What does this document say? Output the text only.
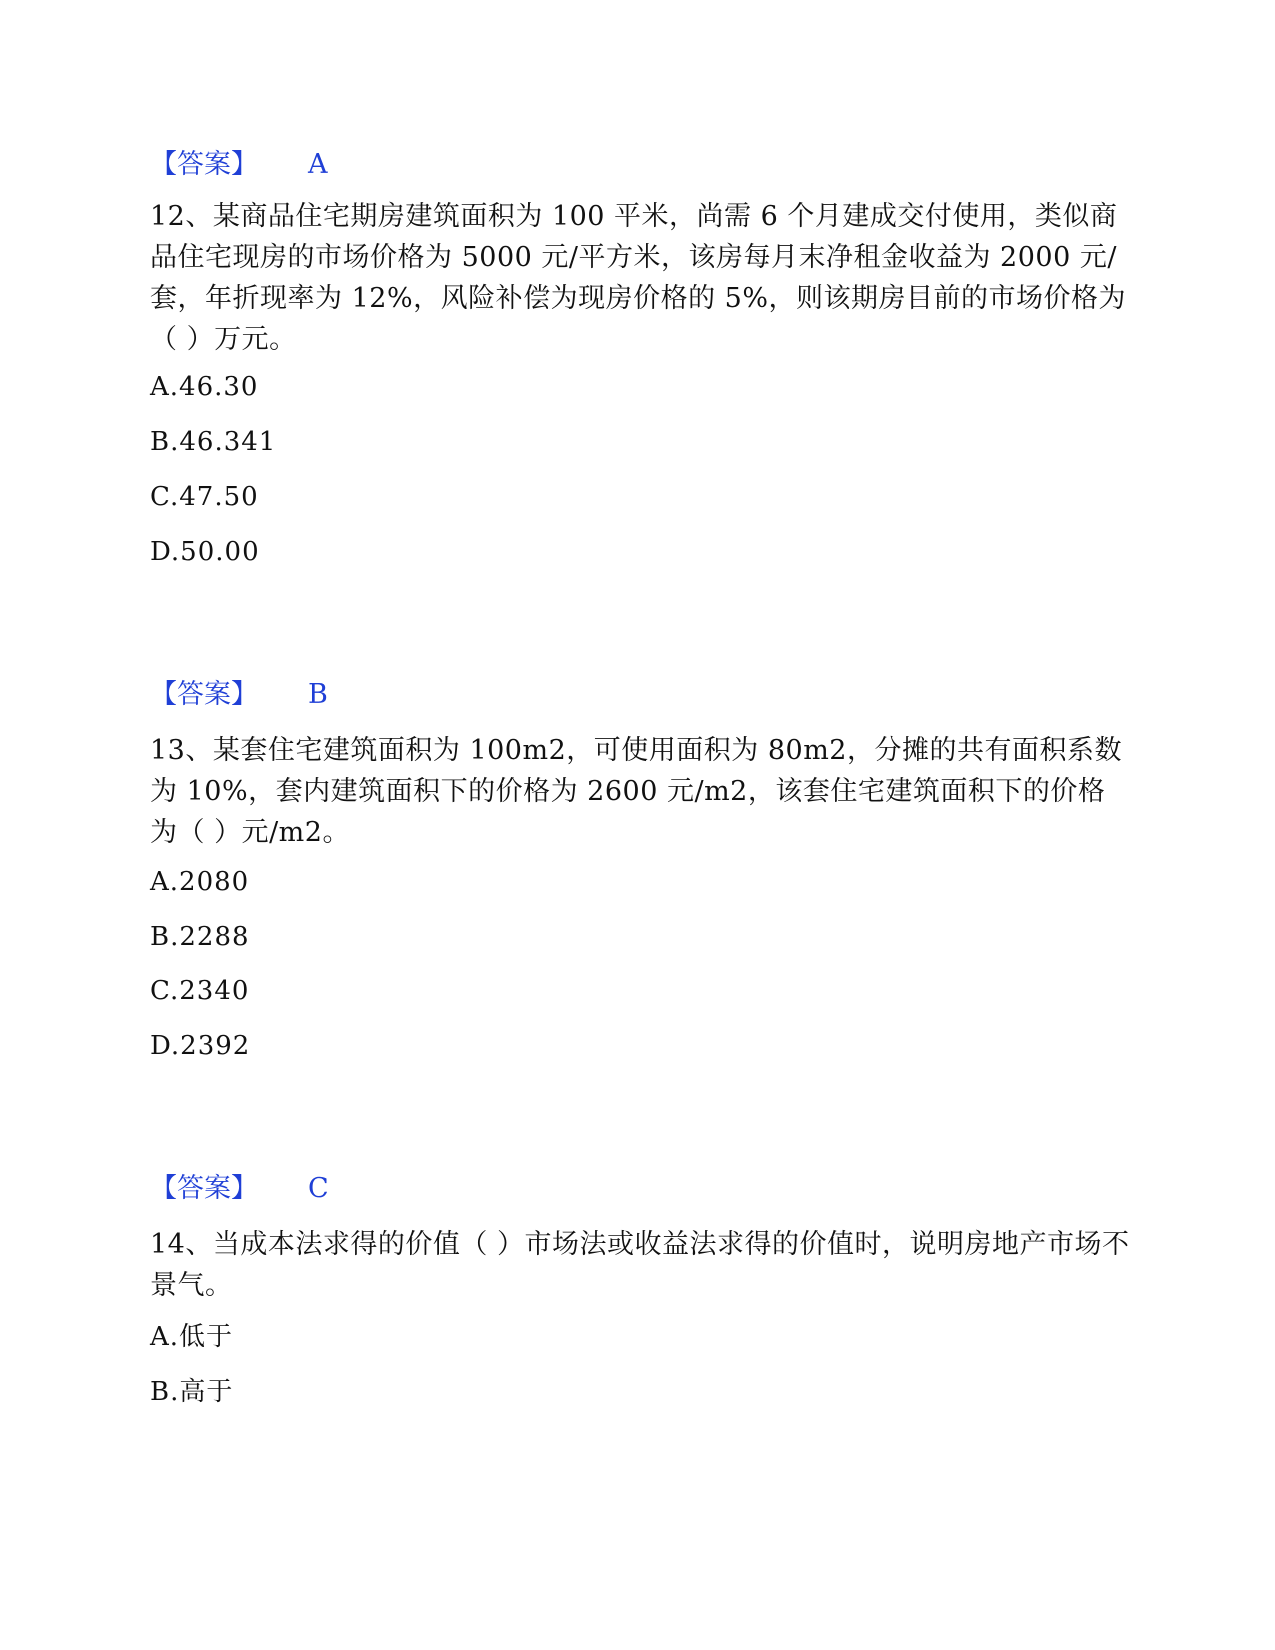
【答案】 A
12、某商品住宅期房建筑面积为 100 平米，尚需 6 个月建成交付使用，类似商品住宅现房的市场价格为 5000 元/平方米，该房每月末净租金收益为 2000 元/套，年折现率为 12%，风险补偿为现房价格的 5%，则该期房目前的市场价格为（ ）万元。
A.46.30
B.46.341
C.47.50
D.50.00
【答案】 B
13、某套住宅建筑面积为 100m2，可使用面积为 80m2，分摊的共有面积系数为 10%，套内建筑面积下的价格为 2600 元/m2，该套住宅建筑面积下的价格为（ ）元/m2。
A.2080
B.2288
C.2340
D.2392
【答案】 C
14、当成本法求得的价值（ ）市场法或收益法求得的价值时，说明房地产市场不景气。
A.低于
B.高于
